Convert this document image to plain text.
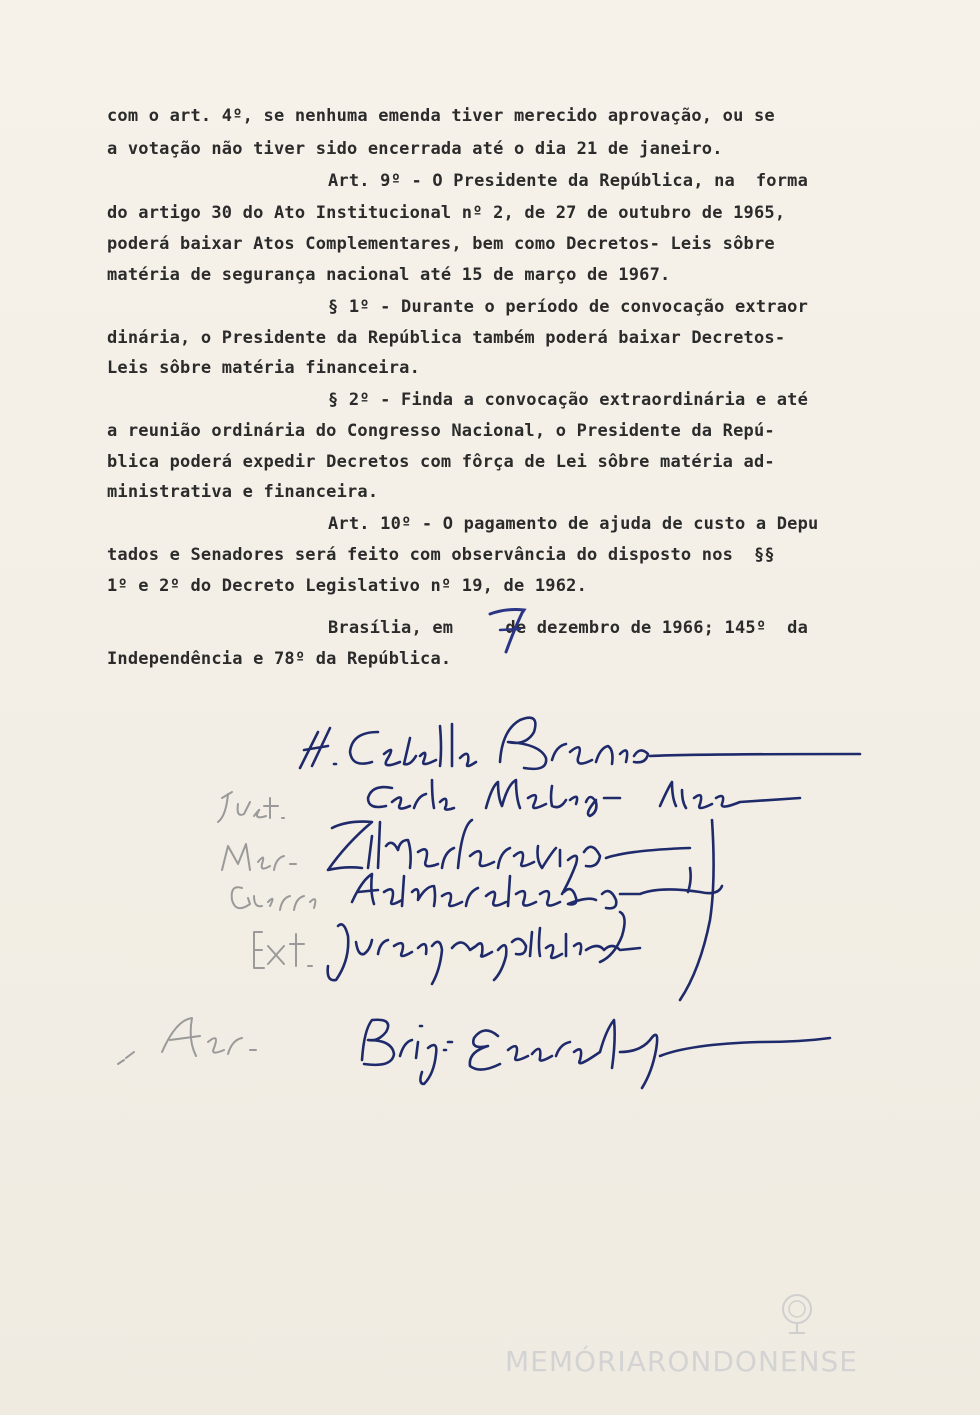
com o art. 4º, se nenhuma emenda tiver merecido aprovação, ou se
a votação não tiver sido encerrada até o dia 21 de janeiro.
Art. 9º - O Presidente da República, na  forma
do artigo 30 do Ato Institucional nº 2, de 27 de outubro de 1965,
poderá baixar Atos Complementares, bem como Decretos- Leis sôbre
matéria de segurança nacional até 15 de março de 1967.
§ 1º - Durante o período de convocação extraor
dinária, o Presidente da República também poderá baixar Decretos-
Leis sôbre matéria financeira.
§ 2º - Finda a convocação extraordinária e até
a reunião ordinária do Congresso Nacional, o Presidente da Repú-
blica poderá expedir Decretos com fôrça de Lei sôbre matéria ad-
ministrativa e financeira.
Art. 10º - O pagamento de ajuda de custo a Depu
tados e Senadores será feito com observância do disposto nos  §§
1º e 2º do Decreto Legislativo nº 19, de 1962.
Brasília, em     de dezembro de 1966; 145º  da
Independência e 78º da República.
MEMÓRIARONDONENSE
